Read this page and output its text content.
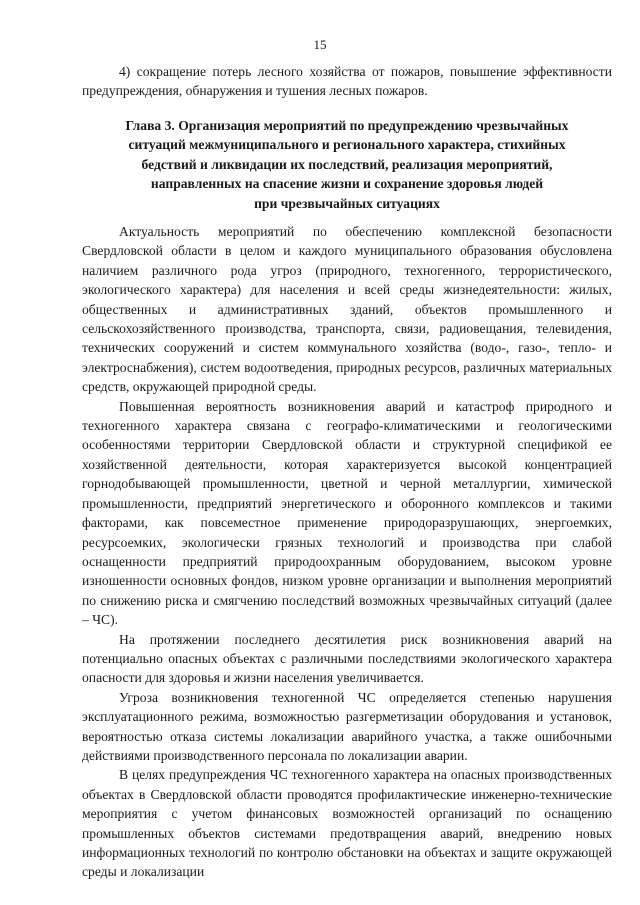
15

4) сокращение потерь лесного хозяйства от пожаров, повышение эффективности предупреждения, обнаружения и тушения лесных пожаров.

Глава 3. Организация мероприятий по предупреждению чрезвычайных
ситуаций межмуниципального и регионального характера, стихийных
бедствий и ликвидации их последствий, реализация мероприятий,
направленных на спасение жизни и сохранение здоровья людей
при чрезвычайных ситуациях

Актуальность мероприятий по обеспечению комплексной безопасности Свердловской области в целом и каждого муниципального образования обусловлена наличием различного рода угроз (природного, техногенного, террористического, экологического характера) для населения и всей среды жизнедеятельности: жилых, общественных и административных зданий, объектов промышленного и сельскохозяйственного производства, транспорта, связи, радиовещания, телевидения, технических сооружений и систем коммунального хозяйства (водо-, газо-, тепло- и электроснабжения), систем водоотведения, природных ресурсов, различных материальных средств, окружающей природной среды.

Повышенная вероятность возникновения аварий и катастроф природного и техногенного характера связана с географо-климатическими и геологическими особенностями территории Свердловской области и структурной спецификой ее хозяйственной деятельности, которая характеризуется высокой концентрацией горнодобывающей промышленности, цветной и черной металлургии, химической промышленности, предприятий энергетического и оборонного комплексов и такими факторами, как повсеместное применение природоразрушающих, энергоемких, ресурсоемких, экологически грязных технологий и производства при слабой оснащенности предприятий природоохранным оборудованием, высоком уровне изношенности основных фондов, низком уровне организации и выполнения мероприятий по снижению риска и смягчению последствий возможных чрезвычайных ситуаций (далее – ЧС).

На протяжении последнего десятилетия риск возникновения аварий на потенциально опасных объектах с различными последствиями экологического характера опасности для здоровья и жизни населения увеличивается.

Угроза возникновения техногенной ЧС определяется степенью нарушения эксплуатационного режима, возможностью разгерметизации оборудования и установок, вероятностью отказа системы локализации аварийного участка, а также ошибочными действиями производственного персонала по локализации аварии.

В целях предупреждения ЧС техногенного характера на опасных производственных объектах в Свердловской области проводятся профилактические инженерно-технические мероприятия с учетом финансовых возможностей организаций по оснащению промышленных объектов системами предотвращения аварий, внедрению новых информационных технологий по контролю обстановки на объектах и защите окружающей среды и локализации
